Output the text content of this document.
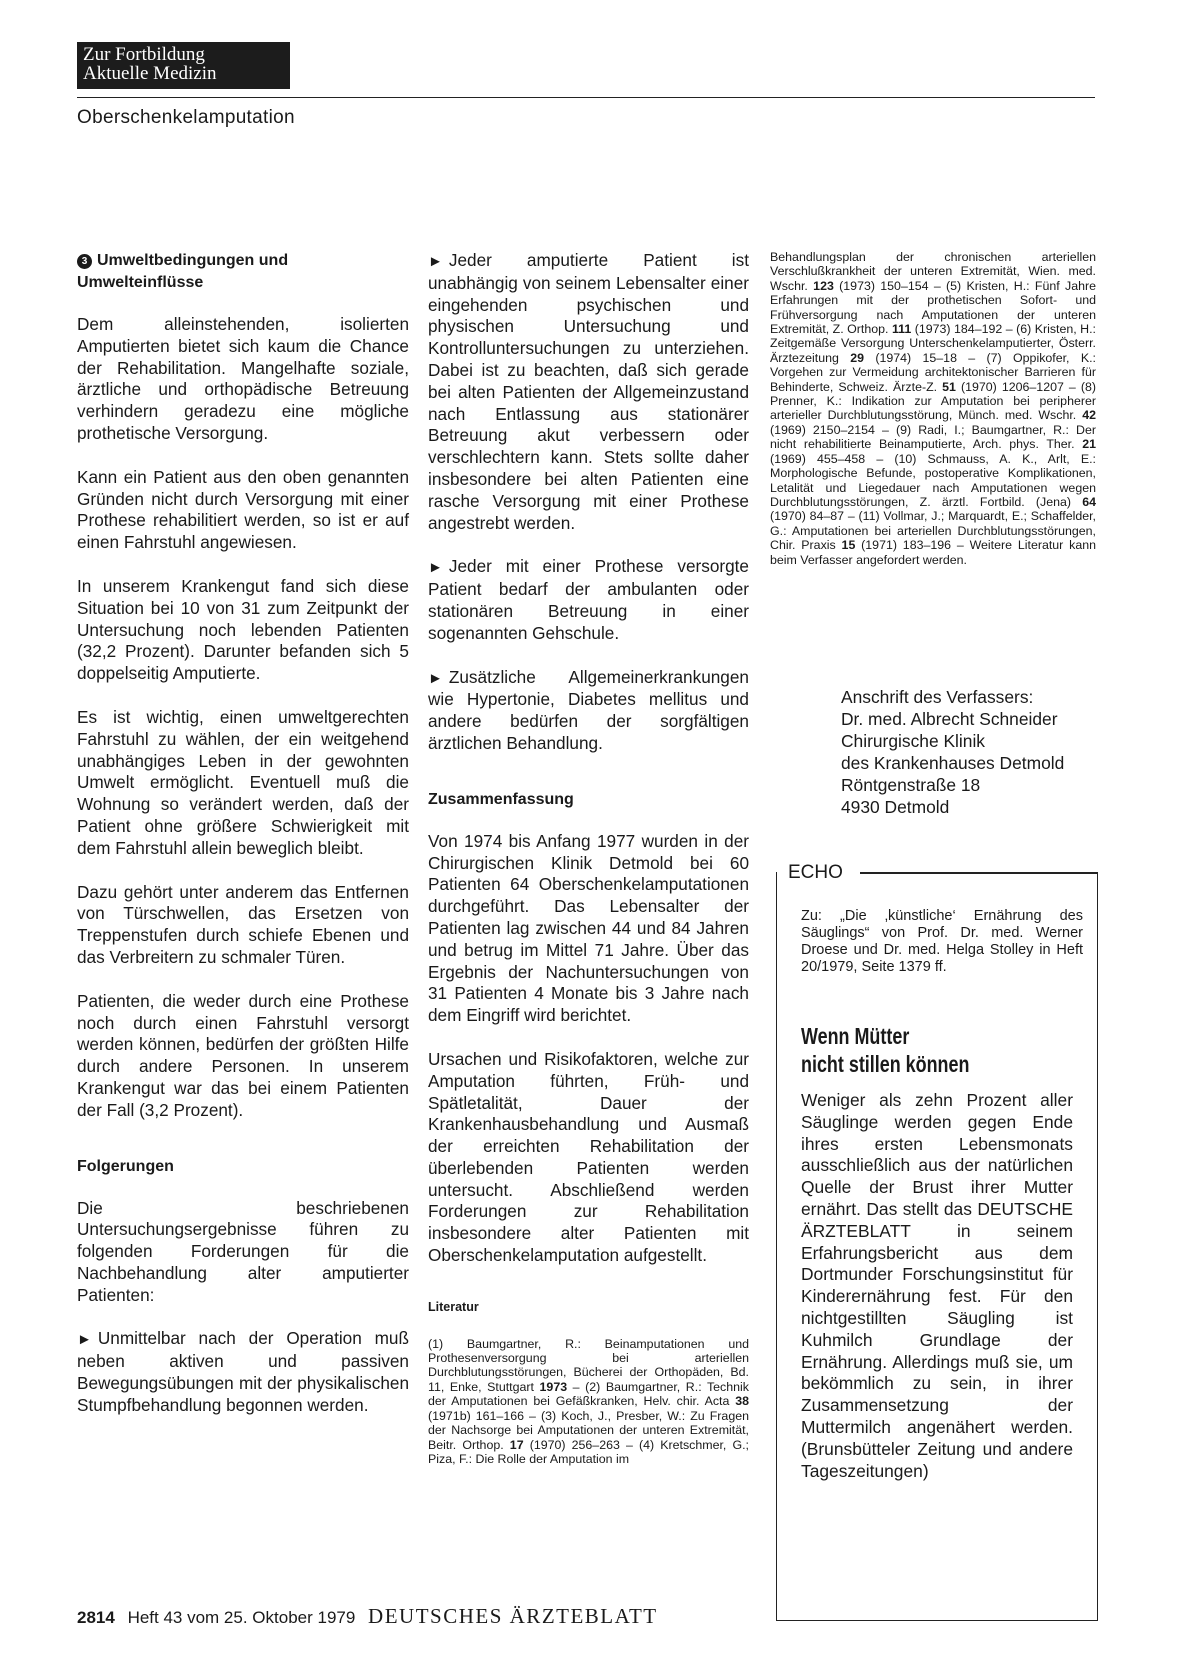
Zur Fortbildung
Aktuelle Medizin
Oberschenkelamputation
3 Umweltbedingungen und
Umwelteinflüsse

Dem alleinstehenden, isolierten Amputierten bietet sich kaum die Chance der Rehabilitation. Mangelhafte soziale, ärztliche und orthopädische Betreuung verhindern geradezu eine mögliche prothetische Versorgung.

Kann ein Patient aus den oben genannten Gründen nicht durch Versorgung mit einer Prothese rehabilitiert werden, so ist er auf einen Fahrstuhl angewiesen.

In unserem Krankengut fand sich diese Situation bei 10 von 31 zum Zeitpunkt der Untersuchung noch lebenden Patienten (32,2 Prozent). Darunter befanden sich 5 doppelseitig Amputierte.

Es ist wichtig, einen umweltgerechten Fahrstuhl zu wählen, der ein weitgehend unabhängiges Leben in der gewohnten Umwelt ermöglicht. Eventuell muß die Wohnung so verändert werden, daß der Patient ohne größere Schwierigkeit mit dem Fahrstuhl allein beweglich bleibt.

Dazu gehört unter anderem das Entfernen von Türschwellen, das Ersetzen von Treppenstufen durch schiefe Ebenen und das Verbreitern zu schmaler Türen.

Patienten, die weder durch eine Prothese noch durch einen Fahrstuhl versorgt werden können, bedürfen der größten Hilfe durch andere Personen. In unserem Krankengut war das bei einem Patienten der Fall (3,2 Prozent).

Folgerungen

Die beschriebenen Untersuchungsergebnisse führen zu folgenden Forderungen für die Nachbehandlung alter amputierter Patienten:

► Unmittelbar nach der Operation muß neben aktiven und passiven Bewegungsübungen mit der physikalischen Stumpfbehandlung begonnen werden.

► Jeder amputierte Patient ist unabhängig von seinem Lebensalter einer eingehenden psychischen und physischen Untersuchung und Kontrolluntersuchungen zu unterziehen. Dabei ist zu beachten, daß sich gerade bei alten Patienten der Allgemeinzustand nach Entlassung aus stationärer Betreuung akut verbessern oder verschlechtern kann. Stets sollte daher insbesondere bei alten Patienten eine rasche Versorgung mit einer Prothese angestrebt werden.

► Jeder mit einer Prothese versorgte Patient bedarf der ambulanten oder stationären Betreuung in einer sogenannten Gehschule.

► Zusätzliche Allgemeinerkrankungen wie Hypertonie, Diabetes mellitus und andere bedürfen der sorgfältigen ärztlichen Behandlung.

Zusammenfassung

Von 1974 bis Anfang 1977 wurden in der Chirurgischen Klinik Detmold bei 60 Patienten 64 Oberschenkelamputationen durchgeführt. Das Lebensalter der Patienten lag zwischen 44 und 84 Jahren und betrug im Mittel 71 Jahre. Über das Ergebnis der Nachuntersuchungen von 31 Patienten 4 Monate bis 3 Jahre nach dem Eingriff wird berichtet.

Ursachen und Risikofaktoren, welche zur Amputation führten, Früh- und Spätletalität, Dauer der Krankenhausbehandlung und Ausmaß der erreichten Rehabilitation der überlebenden Patienten werden untersucht. Abschließend werden Forderungen zur Rehabilitation insbesondere alter Patienten mit Oberschenkelamputation aufgestellt.

Literatur
(1) Baumgartner, R.: Beinamputationen und Prothesenversorgung bei arteriellen Durchblutungsstörungen, Bücherei der Orthopäden, Bd. 11, Enke, Stuttgart 1973 – (2) Baumgartner, R.: Technik der Amputationen bei Gefäßkranken, Helv. chir. Acta 38 (1971b) 161–166 – (3) Koch, J., Presber, W.: Zu Fragen der Nachsorge bei Amputationen der unteren Extremität, Beitr. Orthop. 17 (1970) 256–263 – (4) Kretschmer, G.; Piza, F.: Die Rolle der Amputation im
Behandlungsplan der chronischen arteriellen Verschlußkrankheit der unteren Extremität, Wien. med. Wschr. 123 (1973) 150–154 – (5) Kristen, H.: Fünf Jahre Erfahrungen mit der prothetischen Sofort- und Frühversorgung nach Amputationen der unteren Extremität, Z. Orthop. 111 (1973) 184–192 – (6) Kristen, H.: Zeitgemäße Versorgung Unterschenkelamputierter, Österr. Ärztezeitung 29 (1974) 15–18 – (7) Oppikofer, K.: Vorgehen zur Vermeidung architektonischer Barrieren für Behinderte, Schweiz. Ärzte-Z. 51 (1970) 1206–1207 – (8) Prenner, K.: Indikation zur Amputation bei peripherer arterieller Durchblutungsstörung, Münch. med. Wschr. 42 (1969) 2150–2154 – (9) Radi, I.; Baumgartner, R.: Der nicht rehabilitierte Beinamputierte, Arch. phys. Ther. 21 (1969) 455–458 – (10) Schmauss, A. K., Arlt, E.: Morphologische Befunde, postoperative Komplikationen, Letalität und Liegedauer nach Amputationen wegen Durchblutungsstörungen, Z. ärztl. Fortbild. (Jena) 64 (1970) 84–87 – (11) Vollmar, J.; Marquardt, E.; Schaffelder, G.: Amputationen bei arteriellen Durchblutungsstörungen, Chir. Praxis 15 (1971) 183–196 – Weitere Literatur kann beim Verfasser angefordert werden.
Anschrift des Verfassers:
Dr. med. Albrecht Schneider
Chirurgische Klinik
des Krankenhauses Detmold
Röntgenstraße 18
4930 Detmold
ECHO
Zu: „Die ‚künstliche‘ Ernährung des Säuglings“ von Prof. Dr. med. Werner Droese und Dr. med. Helga Stolley in Heft 20/1979, Seite 1379 ff.
Wenn Mütter
nicht stillen können
Weniger als zehn Prozent aller Säuglinge werden gegen Ende ihres ersten Lebensmonats ausschließlich aus der natürlichen Quelle der Brust ihrer Mutter ernährt. Das stellt das DEUTSCHE ÄRZTEBLATT in seinem Erfahrungsbericht aus dem Dortmunder Forschungsinstitut für Kinderernährung fest. Für den nichtgestillten Säugling ist Kuhmilch Grundlage der Ernährung. Allerdings muß sie, um bekömmlich zu sein, in ihrer Zusammensetzung der Muttermilch angenähert werden. (Brunsbütteler Zeitung und andere Tageszeitungen)
2814 Heft 43 vom 25. Oktober 1979 DEUTSCHES ÄRZTEBLATT
